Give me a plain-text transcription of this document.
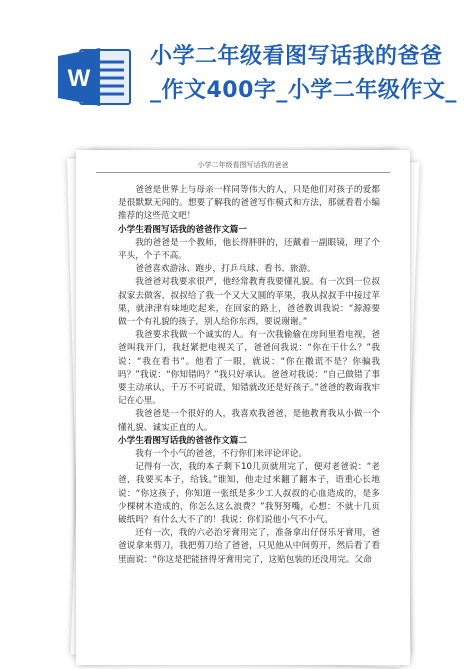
W
小学二年级看图写话我的爸爸
_作文400字_小学二年级作文_
小学二年级看图写话我的爸爸

爸爸是世界上与母亲一样同等伟大的人，只是他们对孩子的爱都是很默默无闻的。想要了解我的爸爸写作模式和方法，那就看看小编推荐的这些范文吧！

小学生看图写话我的爸爸作文篇一

我的爸爸是一个教师，他长得胖胖的，还戴着一副眼镜，理了个平头，个子不高。

爸爸喜欢游泳、跑步，打乒乓球、看书、旅游。

我爸爸对我要求很严，他经常教育我要懂礼貌。有一次到一位叔叔家去做客，叔叔给了我一个又大又圆的苹果，我从叔叔手中接过苹果，就津津有味地吃起来，在回家的路上，爸爸教训我说：“源源要做一个有礼貌的孩子，别人给你东西，要说谢谢。”

我爸要求我做一个诚实的人。有一次我偷偷在房间里看电视，爸爸叫我开门，我赶紧把电视关了，爸爸问我说：“你在干什么？”我说：“我在看书”。他看了一眼，就说：“你在撒谎不是？你骗我吗？”我说：“你知错吗？”我只好承认。爸爸对我说：“自己做错了事要主动承认，千万不可说谎，知错就改还是好孩子。”爸爸的教诲我牢记在心里。

我爸爸是一个很好的人，我喜欢我爸爸，是他教育我从小做一个懂礼貌、诚实正直的人。

小学生看图写话我的爸爸作文篇二

我有一个小气的爸爸，不行你们来评论评论。

记得有一次，我的本子剩下10几页就用完了，便对老爸说：“老爸，我要买本子，给钱。”谁知，他走过来翻了翻本子，语重心长地说：“你这孩子，你知道一张纸是多少工人叔叔的心血造成的，是多少棵树木造成的，你怎么这么浪费？”我努努嘴，心想：不就十几页破纸吗？有什么大不了的！我说：你们说他小气不小气。

还有一次，我的六必治牙膏用完了，准备拿出仔伢乐牙膏用，爸爸说拿来剪刀，我把剪刀给了爸爸，只见他从中间剪开，然后看了看里面说：“你这是把能挤得牙膏用完了，这贴包装的还没用完。父命
